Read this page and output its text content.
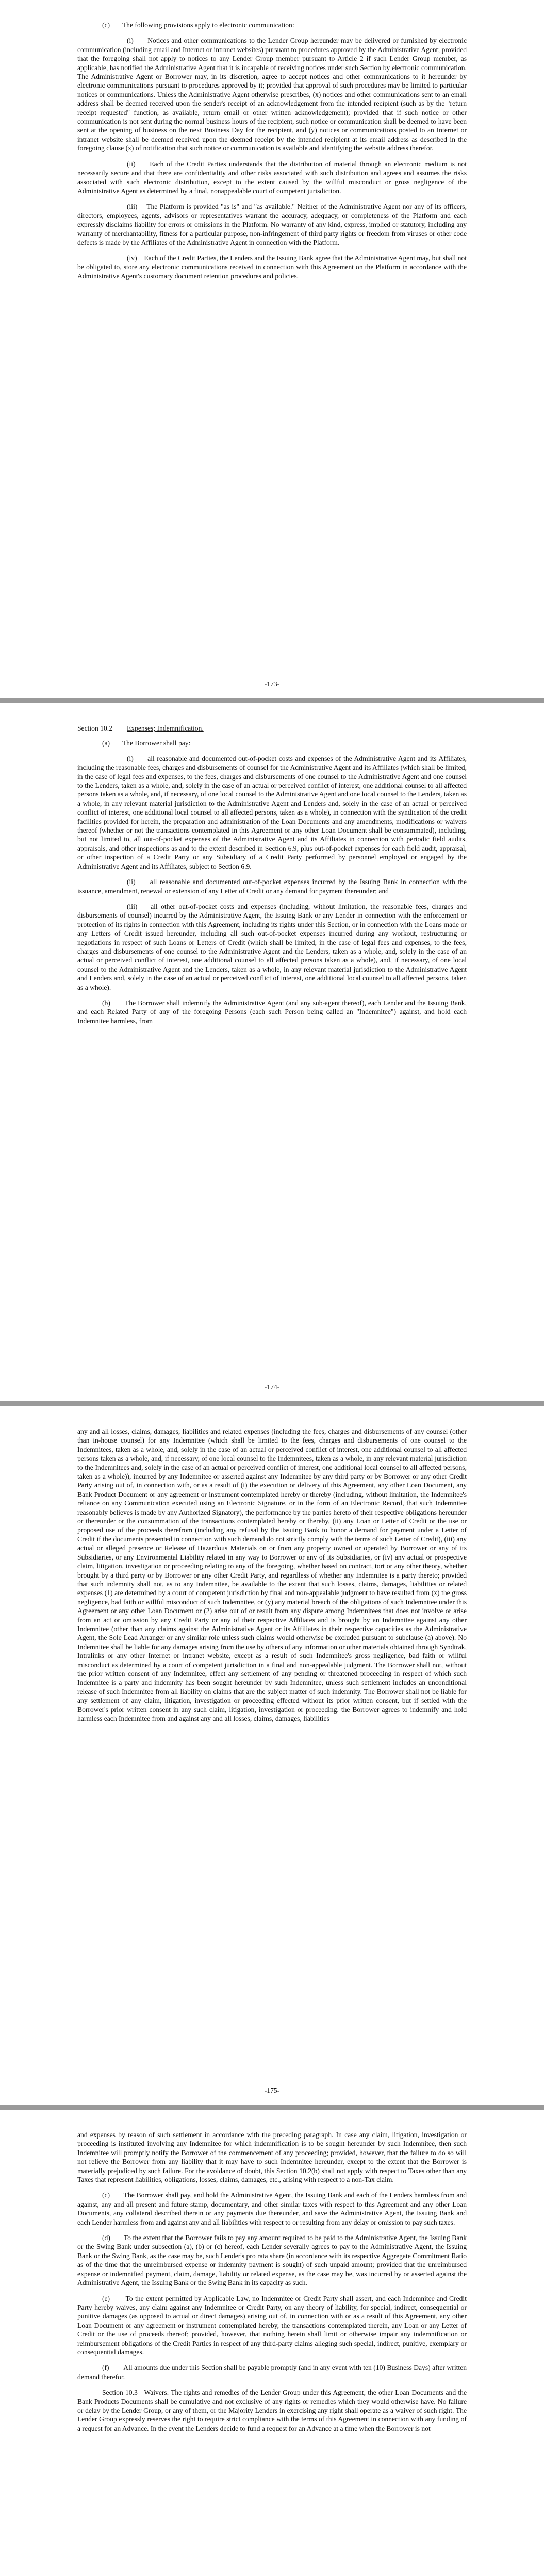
(c)       The following provisions apply to electronic communication:

(i)      Notices and other communications to the Lender Group hereunder may be delivered or furnished by electronic communication (including email and Internet or intranet websites) pursuant to procedures approved by the Administrative Agent; provided that the foregoing shall not apply to notices to any Lender Group member pursuant to Article 2 if such Lender Group member, as applicable, has notified the Administrative Agent that it is incapable of receiving notices under such Section by electronic communication. The Administrative Agent or Borrower may, in its discretion, agree to accept notices and other communications to it hereunder by electronic communications pursuant to procedures approved by it; provided that approval of such procedures may be limited to particular notices or communications. Unless the Administrative Agent otherwise prescribes, (x) notices and other communications sent to an email address shall be deemed received upon the sender's receipt of an acknowledgement from the intended recipient (such as by the "return receipt requested" function, as available, return email or other written acknowledgement); provided that if such notice or other communication is not sent during the normal business hours of the recipient, such notice or communication shall be deemed to have been sent at the opening of business on the next Business Day for the recipient, and (y) notices or communications posted to an Internet or intranet website shall be deemed received upon the deemed receipt by the intended recipient at its email address as described in the foregoing clause (x) of notification that such notice or communication is available and identifying the website address therefor.

(ii)     Each of the Credit Parties understands that the distribution of material through an electronic medium is not necessarily secure and that there are confidentiality and other risks associated with such distribution and agrees and assumes the risks associated with such electronic distribution, except to the extent caused by the willful misconduct or gross negligence of the Administrative Agent as determined by a final, nonappealable court of competent jurisdiction.

(iii)    The Platform is provided "as is" and "as available." Neither of the Administrative Agent nor any of its officers, directors, employees, agents, advisors or representatives warrant the accuracy, adequacy, or completeness of the Platform and each expressly disclaims liability for errors or omissions in the Platform. No warranty of any kind, express, implied or statutory, including any warranty of merchantability, fitness for a particular purpose, non-infringement of third party rights or freedom from viruses or other code defects is made by the Affiliates of the Administrative Agent in connection with the Platform.

(iv)    Each of the Credit Parties, the Lenders and the Issuing Bank agree that the Administrative Agent may, but shall not be obligated to, store any electronic communications received in connection with this Agreement on the Platform in accordance with the Administrative Agent's customary document retention procedures and policies.

-173-
Section 10.2	Expenses; Indemnification.
(a)       The Borrower shall pay:

(i)      all reasonable and documented out-of-pocket costs and expenses of the Administrative Agent and its Affiliates, including the reasonable fees, charges and disbursements of counsel for the Administrative Agent and its Affiliates (which shall be limited, in the case of legal fees and expenses, to the fees, charges and disbursements of one counsel to the Administrative Agent and one counsel to the Lenders, taken as a whole, and, solely in the case of an actual or perceived conflict of interest, one additional counsel to all affected persons taken as a whole, and, if necessary, of one local counsel to the Administrative Agent and one local counsel to the Lenders, taken as a whole, in any relevant material jurisdiction to the Administrative Agent and Lenders and, solely in the case of an actual or perceived conflict of interest, one additional local counsel to all affected persons, taken as a whole), in connection with the syndication of the credit facilities provided for herein, the preparation and administration of the Loan Documents and any amendments, modifications or waivers thereof (whether or not the transactions contemplated in this Agreement or any other Loan Document shall be consummated), including, but not limited to, all out-of-pocket expenses of the Administrative Agent and its Affiliates in connection with periodic field audits, appraisals, and other inspections as and to the extent described in Section 6.9, plus out-of-pocket expenses for each field audit, appraisal, or other inspection of a Credit Party or any Subsidiary of a Credit Party performed by personnel employed or engaged by the Administrative Agent and its Affiliates, subject to Section 6.9.

(ii)     all reasonable and documented out-of-pocket expenses incurred by the Issuing Bank in connection with the issuance, amendment, renewal or extension of any Letter of Credit or any demand for payment thereunder; and

(iii)    all other out-of-pocket costs and expenses (including, without limitation, the reasonable fees, charges and disbursements of counsel) incurred by the Administrative Agent, the Issuing Bank or any Lender in connection with the enforcement or protection of its rights in connection with this Agreement, including its rights under this Section, or in connection with the Loans made or any Letters of Credit issued hereunder, including all such out-of-pocket expenses incurred during any workout, restructuring or negotiations in respect of such Loans or Letters of Credit (which shall be limited, in the case of legal fees and expenses, to the fees, charges and disbursements of one counsel to the Administrative Agent and the Lenders, taken as a whole, and, solely in the case of an actual or perceived conflict of interest, one additional counsel to all affected persons taken as a whole), and, if necessary, of one local counsel to the Administrative Agent and the Lenders, taken as a whole, in any relevant material jurisdiction to the Administrative Agent and Lenders and, solely in the case of an actual or perceived conflict of interest, one additional local counsel to all affected persons, taken as a whole).

(b)       The Borrower shall indemnify the Administrative Agent (and any sub-agent thereof), each Lender and the Issuing Bank, and each Related Party of any of the foregoing Persons (each such Person being called an "Indemnitee") against, and hold each Indemnitee harmless, from

-174-

any and all losses, claims, damages, liabilities and related expenses (including the fees, charges and disbursements of any counsel (other than in-house counsel) for any Indemnitee (which shall be limited to the fees, charges and disbursements of one counsel to the Indemnitees, taken as a whole, and, solely in the case of an actual or perceived conflict of interest, one additional counsel to all affected persons taken as a whole, and, if necessary, of one local counsel to the Indemnitees, taken as a whole, in any relevant material jurisdiction to the Indemnitees and, solely in the case of an actual or perceived conflict of interest, one additional local counsel to all affected persons, taken as a whole)), incurred by any Indemnitee or asserted against any Indemnitee by any third party or by Borrower or any other Credit Party arising out of, in connection with, or as a result of (i) the execution or delivery of this Agreement, any other Loan Document, any Bank Product Document or any agreement or instrument contemplated hereby or thereby (including, without limitation, the Indemnitee's reliance on any Communication executed using an Electronic Signature, or in the form of an Electronic Record, that such Indemnitee reasonably believes is made by any Authorized Signatory), the performance by the parties hereto of their respective obligations hereunder or thereunder or the consummation of the transactions contemplated hereby or thereby, (ii) any Loan or Letter of Credit or the use or proposed use of the proceeds therefrom (including any refusal by the Issuing Bank to honor a demand for payment under a Letter of Credit if the documents presented in connection with such demand do not strictly comply with the terms of such Letter of Credit), (iii) any actual or alleged presence or Release of Hazardous Materials on or from any property owned or operated by Borrower or any of its Subsidiaries, or any Environmental Liability related in any way to Borrower or any of its Subsidiaries, or (iv) any actual or prospective claim, litigation, investigation or proceeding relating to any of the foregoing, whether based on contract, tort or any other theory, whether brought by a third party or by Borrower or any other Credit Party, and regardless of whether any Indemnitee is a party thereto; provided that such indemnity shall not, as to any Indemnitee, be available to the extent that such losses, claims, damages, liabilities or related expenses (1) are determined by a court of competent jurisdiction by final and non-appealable judgment to have resulted from (x) the gross negligence, bad faith or willful misconduct of such Indemnitee, or (y) any material breach of the obligations of such Indemnitee under this Agreement or any other Loan Document or (2) arise out of or result from any dispute among Indemnitees that does not involve or arise from an act or omission by any Credit Party or any of their respective Affiliates and is brought by an Indemnitee against any other Indemnitee (other than any claims against the Administrative Agent or its Affiliates in their respective capacities as the Administrative Agent, the Sole Lead Arranger or any similar role unless such claims would otherwise be excluded pursuant to subclause (a) above). No Indemnitee shall be liable for any damages arising from the use by others of any information or other materials obtained through Syndtrak, Intralinks or any other Internet or intranet website, except as a result of such Indemnitee's gross negligence, bad faith or willful misconduct as determined by a court of competent jurisdiction in a final and non-appealable judgment. The Borrower shall not, without the prior written consent of any Indemnitee, effect any settlement of any pending or threatened proceeding in respect of which such Indemnitee is a party and indemnity has been sought hereunder by such Indemnitee, unless such settlement includes an unconditional release of such Indemnitee from all liability on claims that are the subject matter of such indemnity. The Borrower shall not be liable for any settlement of any claim, litigation, investigation or proceeding effected without its prior written consent, but if settled with the Borrower's prior written consent in any such claim, litigation, investigation or proceeding, the Borrower agrees to indemnify and hold harmless each Indemnitee from and against any and all losses, claims, damages, liabilities

-175-

and expenses by reason of such settlement in accordance with the preceding paragraph. In case any claim, litigation, investigation or proceeding is instituted involving any Indemnitee for which indemnification is to be sought hereunder by such Indemnitee, then such Indemnitee will promptly notify the Borrower of the commencement of any proceeding; provided, however, that the failure to do so will not relieve the Borrower from any liability that it may have to such Indemnitee hereunder, except to the extent that the Borrower is materially prejudiced by such failure. For the avoidance of doubt, this Section 10.2(b) shall not apply with respect to Taxes other than any Taxes that represent liabilities, obligations, losses, claims, damages, etc., arising with respect to a non-Tax claim.

(c)       The Borrower shall pay, and hold the Administrative Agent, the Issuing Bank and each of the Lenders harmless from and against, any and all present and future stamp, documentary, and other similar taxes with respect to this Agreement and any other Loan Documents, any collateral described therein or any payments due thereunder, and save the Administrative Agent, the Issuing Bank and each Lender harmless from and against any and all liabilities with respect to or resulting from any delay or omission to pay such taxes.

(d)       To the extent that the Borrower fails to pay any amount required to be paid to the Administrative Agent, the Issuing Bank or the Swing Bank under subsection (a), (b) or (c) hereof, each Lender severally agrees to pay to the Administrative Agent, the Issuing Bank or the Swing Bank, as the case may be, such Lender's pro rata share (in accordance with its respective Aggregate Commitment Ratio as of the time that the unreimbursed expense or indemnity payment is sought) of such unpaid amount; provided that the unreimbursed expense or indemnified payment, claim, damage, liability or related expense, as the case may be, was incurred by or asserted against the Administrative Agent, the Issuing Bank or the Swing Bank in its capacity as such.

(e)       To the extent permitted by Applicable Law, no Indemnitee or Credit Party shall assert, and each Indemnitee and Credit Party hereby waives, any claim against any Indemnitee or Credit Party, on any theory of liability, for special, indirect, consequential or punitive damages (as opposed to actual or direct damages) arising out of, in connection with or as a result of this Agreement, any other Loan Document or any agreement or instrument contemplated hereby, the transactions contemplated therein, any Loan or any Letter of Credit or the use of proceeds thereof; provided, however, that nothing herein shall limit or otherwise impair any indemnification or reimbursement obligations of the Credit Parties in respect of any third-party claims alleging such special, indirect, punitive, exemplary or consequential damages.

(f)        All amounts due under this Section shall be payable promptly (and in any event with ten (10) Business Days) after written demand therefor.

Section 10.3   Waivers. The rights and remedies of the Lender Group under this Agreement, the other Loan Documents and the Bank Products Documents shall be cumulative and not exclusive of any rights or remedies which they would otherwise have. No failure or delay by the Lender Group, or any of them, or the Majority Lenders in exercising any right shall operate as a waiver of such right. The Lender Group expressly reserves the right to require strict compliance with the terms of this Agreement in connection with any funding of a request for an Advance. In the event the Lenders decide to fund a request for an Advance at a time when the Borrower is not
